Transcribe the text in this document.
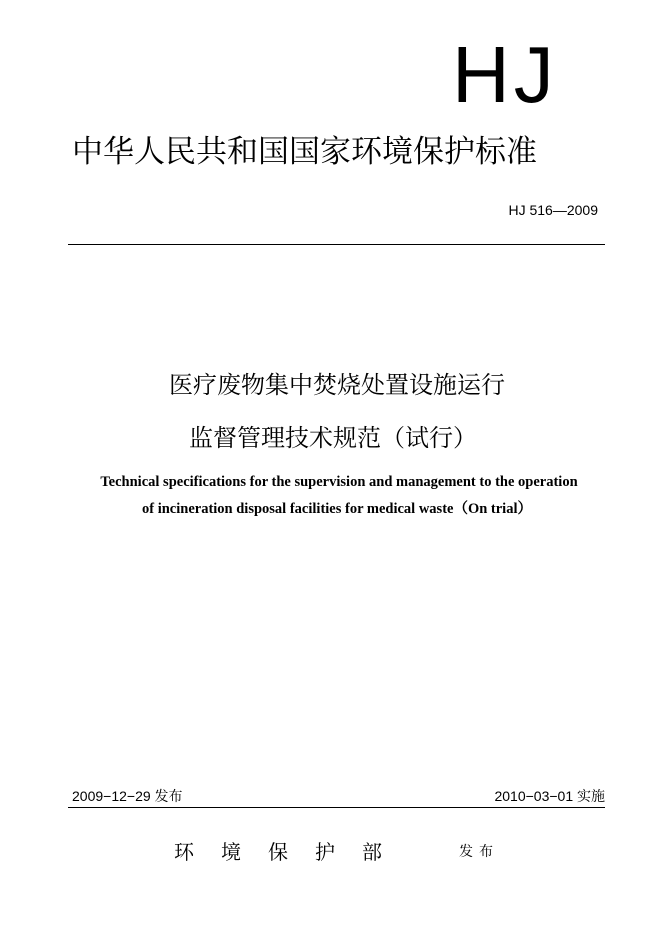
HJ
中华人民共和国国家环境保护标准
HJ 516—2009
医疗废物集中焚烧处置设施运行
监督管理技术规范（试行）
Technical specifications for the supervision and management to the operation
of incineration disposal facilities for medical waste（On trial）
2009−12−29 发布	2010−03−01 实施
环境保护部	发布
